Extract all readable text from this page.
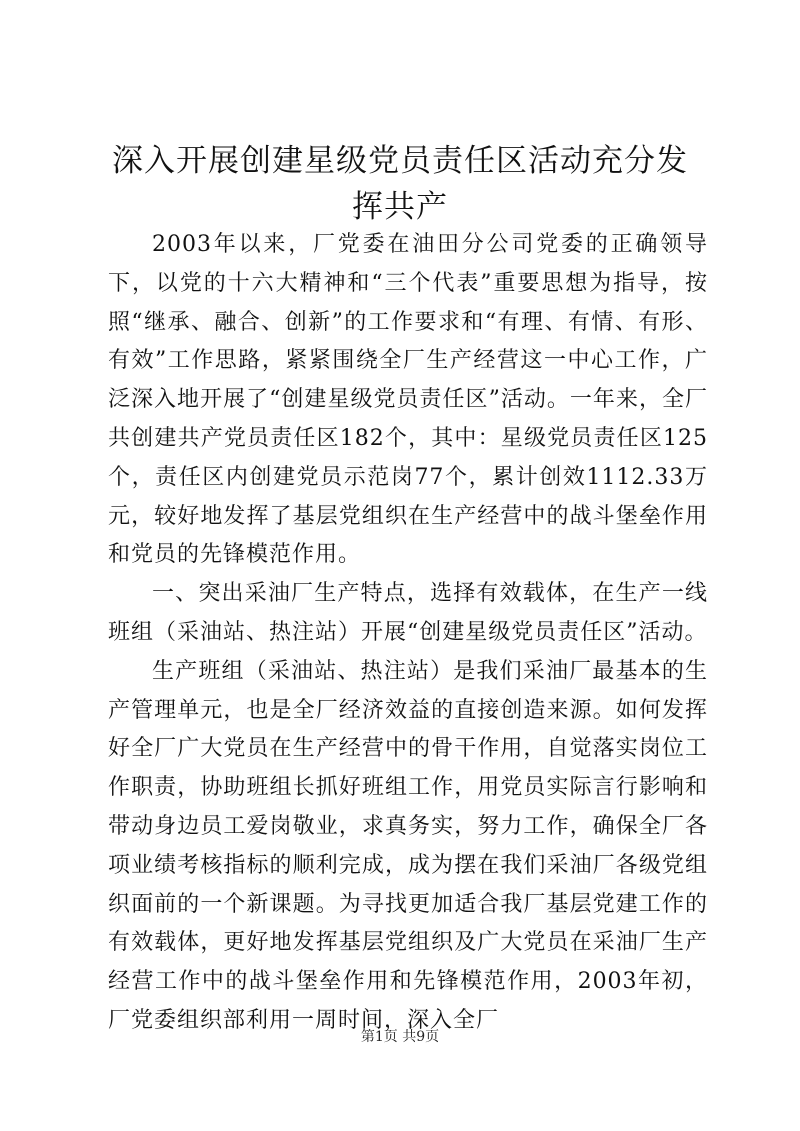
深入开展创建星级党员责任区活动充分发挥共产

2003年以来，厂党委在油田分公司党委的正确领导下，以党的十六大精神和“三个代表”重要思想为指导，按照“继承、融合、创新”的工作要求和“有理、有情、有形、有效”工作思路，紧紧围绕全厂生产经营这一中心工作，广泛深入地开展了“创建星级党员责任区”活动。一年来，全厂共创建共产党员责任区182个，其中：星级党员责任区125个，责任区内创建党员示范岗77个，累计创效1112.33万元，较好地发挥了基层党组织在生产经营中的战斗堡垒作用和党员的先锋模范作用。

一、突出采油厂生产特点，选择有效载体，在生产一线班组（采油站、热注站）开展“创建星级党员责任区”活动。

生产班组（采油站、热注站）是我们采油厂最基本的生产管理单元，也是全厂经济效益的直接创造来源。如何发挥好全厂广大党员在生产经营中的骨干作用，自觉落实岗位工作职责，协助班组长抓好班组工作，用党员实际言行影响和带动身边员工爱岗敬业，求真务实，努力工作，确保全厂各项业绩考核指标的顺利完成，成为摆在我们采油厂各级党组织面前的一个新课题。为寻找更加适合我厂基层党建工作的有效载体，更好地发挥基层党组织及广大党员在采油厂生产经营工作中的战斗堡垒作用和先锋模范作用，2003年初，厂党委组织部利用一周时间，深入全厂

第1页 共9页
